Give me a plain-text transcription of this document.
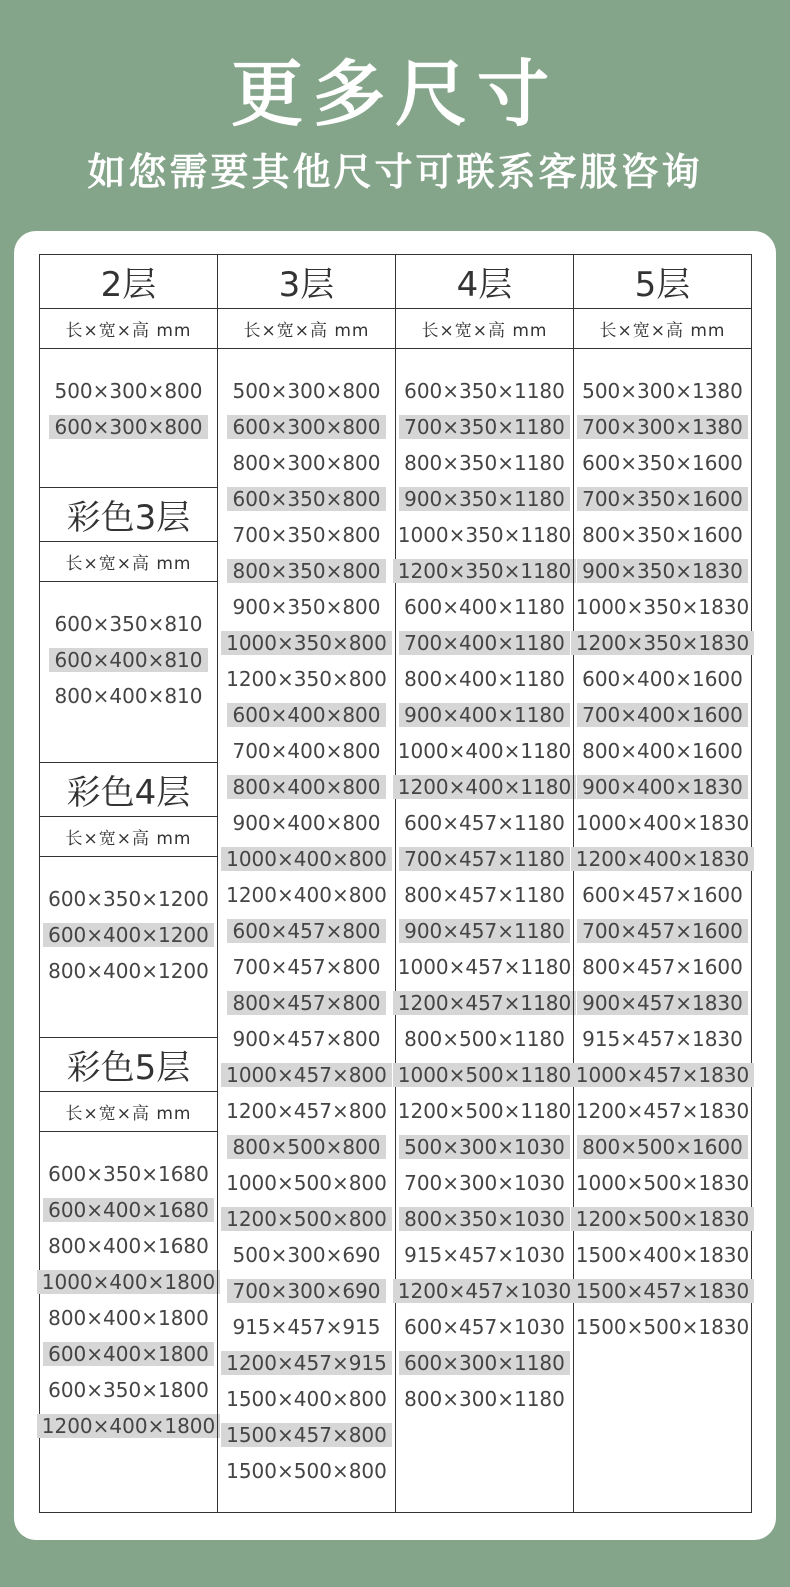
更多尺寸
如您需要其他尺寸可联系客服咨询
2层
长×宽×高 mm
500×300×800
600×300×800
彩色3层
长×宽×高 mm
600×350×810
600×400×810
800×400×810
彩色4层
长×宽×高 mm
600×350×1200
600×400×1200
800×400×1200
彩色5层
长×宽×高 mm
600×350×1680
600×400×1680
800×400×1680
1000×400×1800
800×400×1800
600×400×1800
600×350×1800
1200×400×1800
3层
长×宽×高 mm
500×300×800
600×300×800
800×300×800
600×350×800
700×350×800
800×350×800
900×350×800
1000×350×800
1200×350×800
600×400×800
700×400×800
800×400×800
900×400×800
1000×400×800
1200×400×800
600×457×800
700×457×800
800×457×800
900×457×800
1000×457×800
1200×457×800
800×500×800
1000×500×800
1200×500×800
500×300×690
700×300×690
915×457×915
1200×457×915
1500×400×800
1500×457×800
1500×500×800
4层
长×宽×高 mm
600×350×1180
700×350×1180
800×350×1180
900×350×1180
1000×350×1180
1200×350×1180
600×400×1180
700×400×1180
800×400×1180
900×400×1180
1000×400×1180
1200×400×1180
600×457×1180
700×457×1180
800×457×1180
900×457×1180
1000×457×1180
1200×457×1180
800×500×1180
1000×500×1180
1200×500×1180
500×300×1030
700×300×1030
800×350×1030
915×457×1030
1200×457×1030
600×457×1030
600×300×1180
800×300×1180
5层
长×宽×高 mm
500×300×1380
700×300×1380
600×350×1600
700×350×1600
800×350×1600
900×350×1830
1000×350×1830
1200×350×1830
600×400×1600
700×400×1600
800×400×1600
900×400×1830
1000×400×1830
1200×400×1830
600×457×1600
700×457×1600
800×457×1600
900×457×1830
915×457×1830
1000×457×1830
1200×457×1830
800×500×1600
1000×500×1830
1200×500×1830
1500×400×1830
1500×457×1830
1500×500×1830
